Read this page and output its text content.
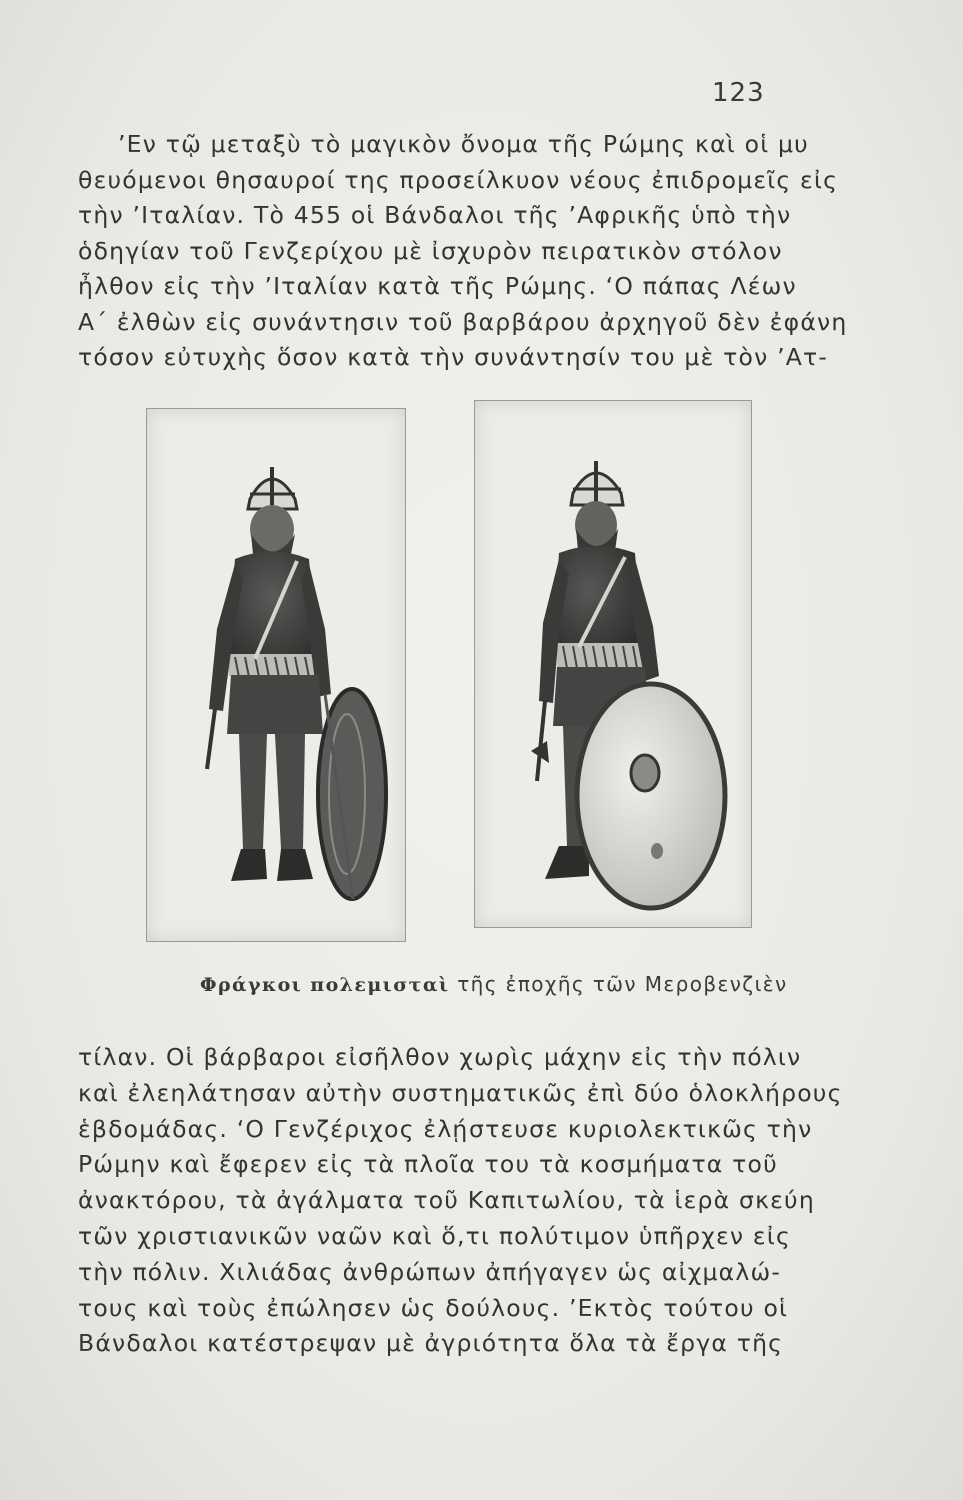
123
’Εν τῷ μεταξὺ τὸ μαγικὸν ὄνομα τῆς Ρώμης καὶ οἱ μυ
θευόμενοι θησαυροί της προσείλκυον νέους ἐπιδρομεῖς εἰς
τὴν ’Ιταλίαν. Τὸ 455 οἱ Βάνδαλοι τῆς ’Αφρικῆς ὑπὸ τὴν
ὁδηγίαν τοῦ Γενζερίχου μὲ ἰσχυρὸν πειρατικὸν στόλον
ἦλθον εἰς τὴν ’Ιταλίαν κατὰ τῆς Ρώμης. ‘Ο πάπας Λέων
Α΄ ἐλθὼν εἰς συνάντησιν τοῦ βαρβάρου ἀρχηγοῦ δὲν ἐφάνη
τόσον εὐτυχὴς ὅσον κατὰ τὴν συνάντησίν του μὲ τὸν ’Ατ-
Φράγκοι πολεμισταὶ τῆς ἐποχῆς τῶν Μεροβενζιὲν
τίλαν. Οἱ βάρβαροι εἰσῆλθον χωρὶς μάχην εἰς τὴν πόλιν
καὶ ἐλεηλάτησαν αὐτὴν συστηματικῶς ἐπὶ δύο ὁλοκλήρους
ἑβδομάδας. ‘Ο Γενζέριχος ἐλῄστευσε κυριολεκτικῶς τὴν
Ρώμην καὶ ἔφερεν εἰς τὰ πλοῖα του τὰ κοσμήματα τοῦ
ἀνακτόρου, τὰ ἀγάλματα τοῦ Καπιτωλίου, τὰ ἱερὰ σκεύη
τῶν χριστιανικῶν ναῶν καὶ ὅ,τι πολύτιμον ὑπῆρχεν εἰς
τὴν πόλιν. Χιλιάδας ἀνθρώπων ἀπήγαγεν ὡς αἰχμαλώ-
τους καὶ τοὺς ἐπώλησεν ὡς δούλους. ’Εκτὸς τούτου οἱ
Βάνδαλοι κατέστρεψαν μὲ ἀγριότητα ὅλα τὰ ἔργα τῆς
